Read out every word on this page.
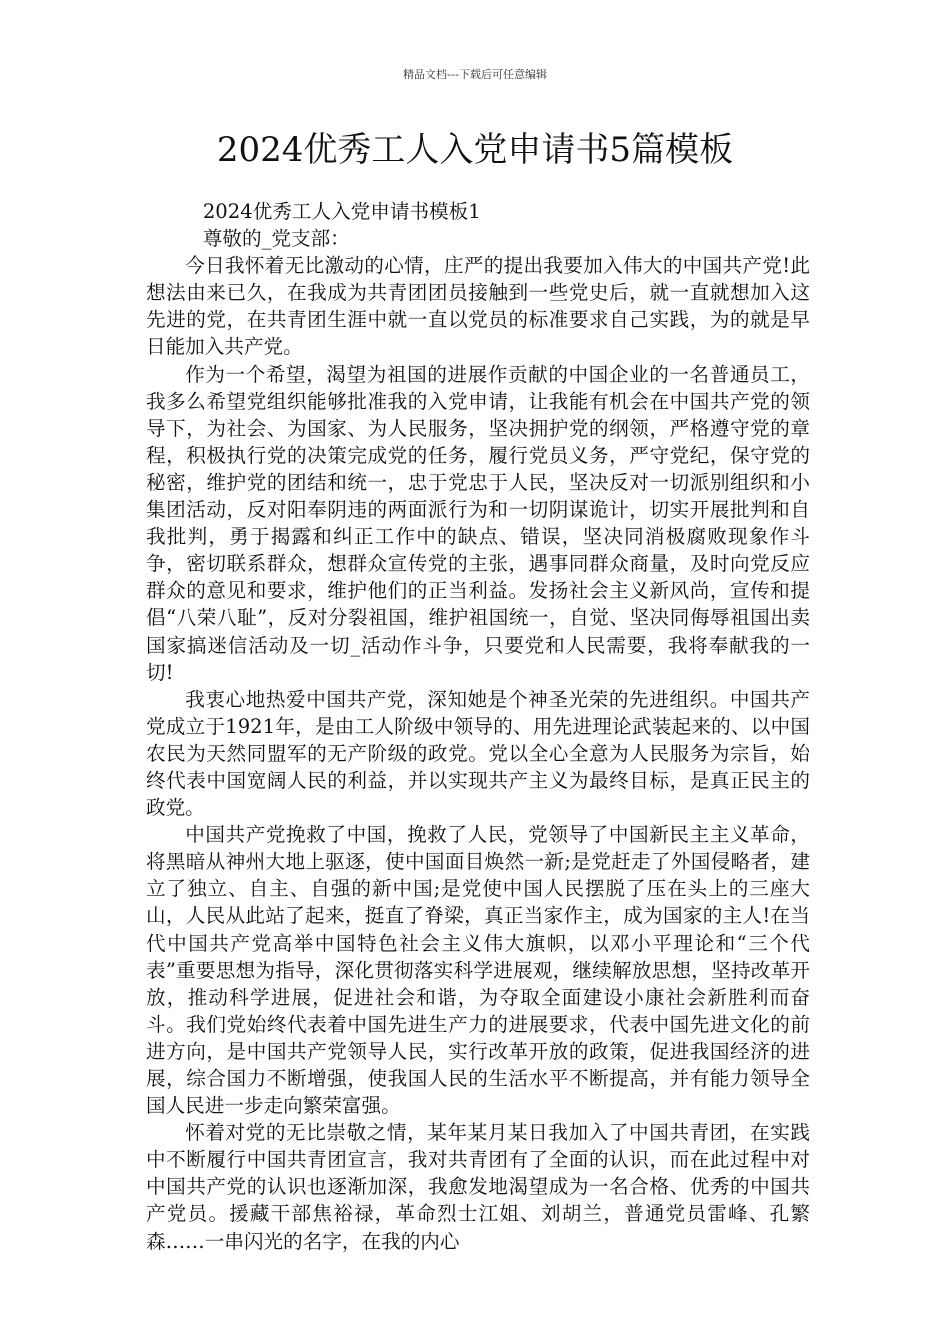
精品文档---下载后可任意编辑
2024优秀工人入党申请书5篇模板

2024优秀工人入党申请书模板1

尊敬的_党支部：

今日我怀着无比激动的心情，庄严的提出我要加入伟大的中国共产党!此想法由来已久，在我成为共青团团员接触到一些党史后，就一直就想加入这先进的党，在共青团生涯中就一直以党员的标准要求自己实践，为的就是早日能加入共产党。

作为一个希望，渴望为祖国的进展作贡献的中国企业的一名普通员工，我多么希望党组织能够批准我的入党申请，让我能有机会在中国共产党的领导下，为社会、为国家、为人民服务，坚决拥护党的纲领，严格遵守党的章程，积极执行党的决策完成党的任务，履行党员义务，严守党纪，保守党的秘密，维护党的团结和统一，忠于党忠于人民，坚决反对一切派别组织和小集团活动，反对阳奉阴违的两面派行为和一切阴谋诡计，切实开展批判和自我批判，勇于揭露和纠正工作中的缺点、错误，坚决同消极腐败现象作斗争，密切联系群众，想群众宣传党的主张，遇事同群众商量，及时向党反应群众的意见和要求，维护他们的正当利益。发扬社会主义新风尚，宣传和提倡“八荣八耻”，反对分裂祖国，维护祖国统一，自觉、坚决同侮辱祖国出卖国家搞迷信活动及一切_活动作斗争，只要党和人民需要，我将奉献我的一切!

我衷心地热爱中国共产党，深知她是个神圣光荣的先进组织。中国共产党成立于1921年，是由工人阶级中领导的、用先进理论武装起来的、以中国农民为天然同盟军的无产阶级的政党。党以全心全意为人民服务为宗旨，始终代表中国宽阔人民的利益，并以实现共产主义为最终目标，是真正民主的政党。

中国共产党挽救了中国，挽救了人民，党领导了中国新民主主义革命，将黑暗从神州大地上驱逐，使中国面目焕然一新;是党赶走了外国侵略者，建立了独立、自主、自强的新中国;是党使中国人民摆脱了压在头上的三座大山，人民从此站了起来，挺直了脊梁，真正当家作主，成为国家的主人!在当代中国共产党高举中国特色社会主义伟大旗帜，以邓小平理论和“三个代表”重要思想为指导，深化贯彻落实科学进展观，继续解放思想，坚持改革开放，推动科学进展，促进社会和谐，为夺取全面建设小康社会新胜利而奋斗。我们党始终代表着中国先进生产力的进展要求，代表中国先进文化的前进方向，是中国共产党领导人民，实行改革开放的政策，促进我国经济的进展，综合国力不断增强，使我国人民的生活水平不断提高，并有能力领导全国人民进一步走向繁荣富强。

怀着对党的无比崇敬之情，某年某月某日我加入了中国共青团，在实践中不断履行中国共青团宣言，我对共青团有了全面的认识，而在此过程中对中国共产党的认识也逐渐加深，我愈发地渴望成为一名合格、优秀的中国共产党员。援藏干部焦裕禄，革命烈士江姐、刘胡兰，普通党员雷峰、孔繁森……一串闪光的名字，在我的内心
